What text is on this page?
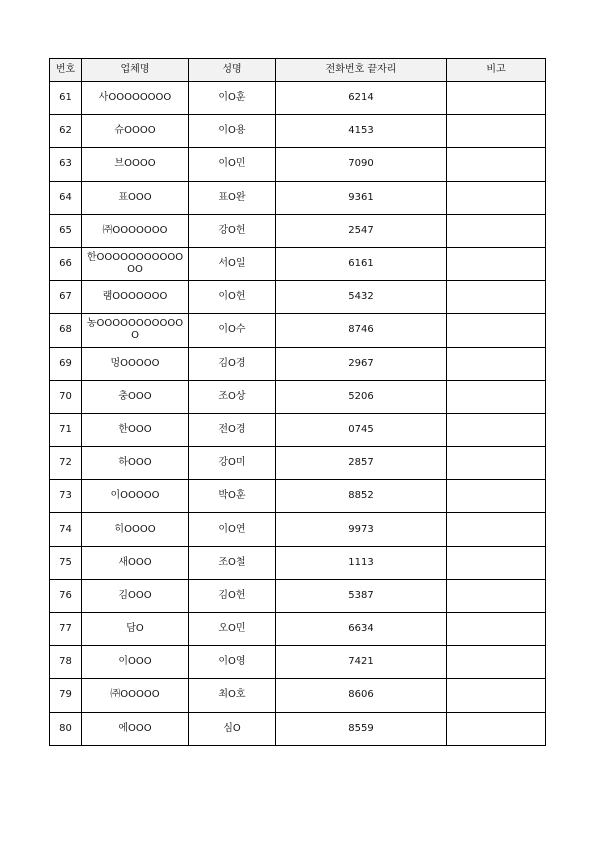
번호	업체명	성명	전화번호 끝자리	비고
61	사OOOOOOOO	이O훈	6214	
62	슈OOOO	이O용	4153	
63	브OOOO	이O민	7090	
64	표OOO	표O완	9361	
65	㈜OOOOOOO	강O헌	2547	
66	한OOOOOOOOOOOOO	서O일	6161	
67	램OOOOOOO	이O헌	5432	
68	농OOOOOOOOOOOO	이O수	8746	
69	멍OOOOO	김O경	2967	
70	충OOO	조O상	5206	
71	한OOO	전O경	0745	
72	하OOO	강O미	2857	
73	이OOOOO	박O훈	8852	
74	히OOOO	이O연	9973	
75	새OOO	조O철	1113	
76	김OOO	김O헌	5387	
77	담O	오O민	6634	
78	이OOO	이O영	7421	
79	㈜OOOOO	최O호	8606	
80	에OOO	심O	8559	
